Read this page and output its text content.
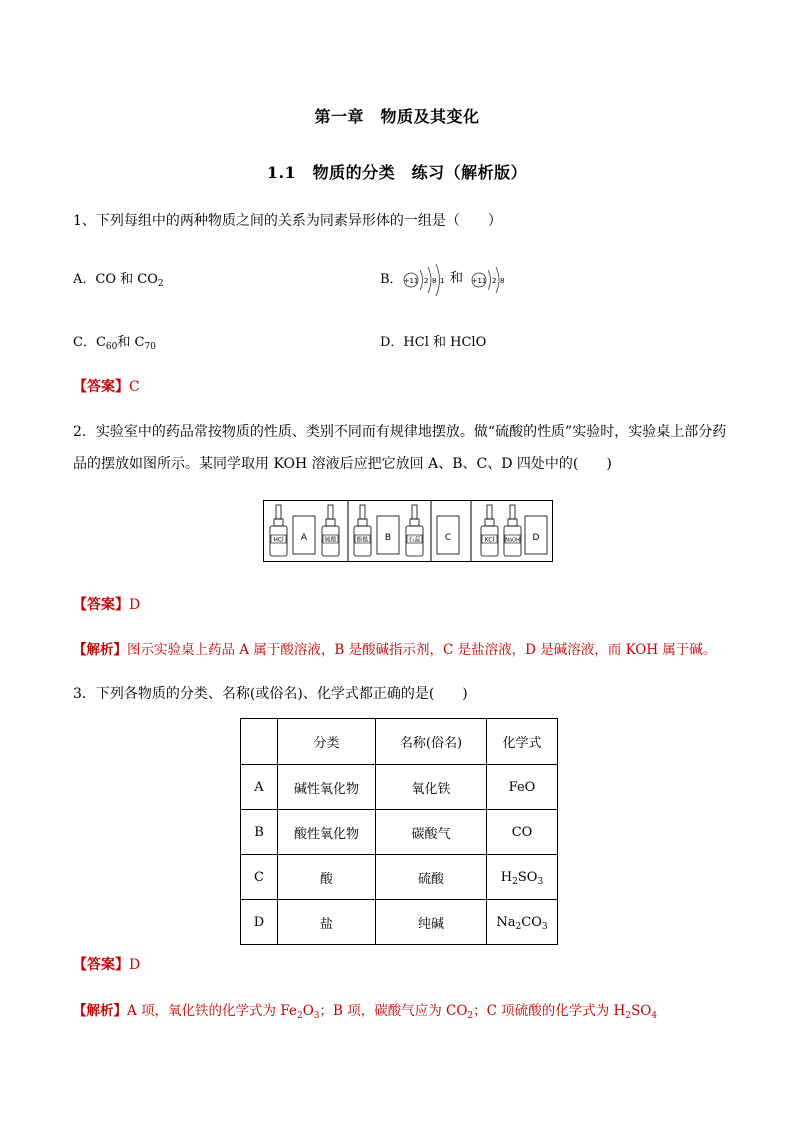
第一章　物质及其变化
1.1　物质的分类　练习（解析版）
1、下列每组中的两种物质之间的关系为同素异形体的一组是（　　）
A．CO 和 $CO_2$	B． +11 2 8 1 和 +11 2 8
C．$C_{60}$和 $C_{70}$	D．HCl 和 HClO
【答案】C
2．实验室中的药品常按物质的性质、类别不同而有规律地摆放。做“硫酸的性质”实验时，实验桌上部分药
品的摆放如图所示。某同学取用 KOH 溶液后应把它放回 A、B、C、D 四处中的(　　)
HCl A	硫酸	酚酞 B	石蕊	C	KCl NaOH D
【答案】D
【解析】图示实验桌上药品 A 属于酸溶液，B 是酸碱指示剂，C 是盐溶液，D 是碱溶液，而 KOH 属于碱。
3．下列各物质的分类、名称(或俗名)、化学式都正确的是(　　)
	分类	名称(俗名)	化学式
A	碱性氧化物	氧化铁	FeO
B	酸性氧化物	碳酸气	CO
C	酸	硫酸	$H_2SO_3$
D	盐	纯碱	$Na_2CO_3$
【答案】D
【解析】A 项，氧化铁的化学式为 $Fe_2O_3$；B 项，碳酸气应为 $CO_2$；C 项硫酸的化学式为 $H_2SO_4$
